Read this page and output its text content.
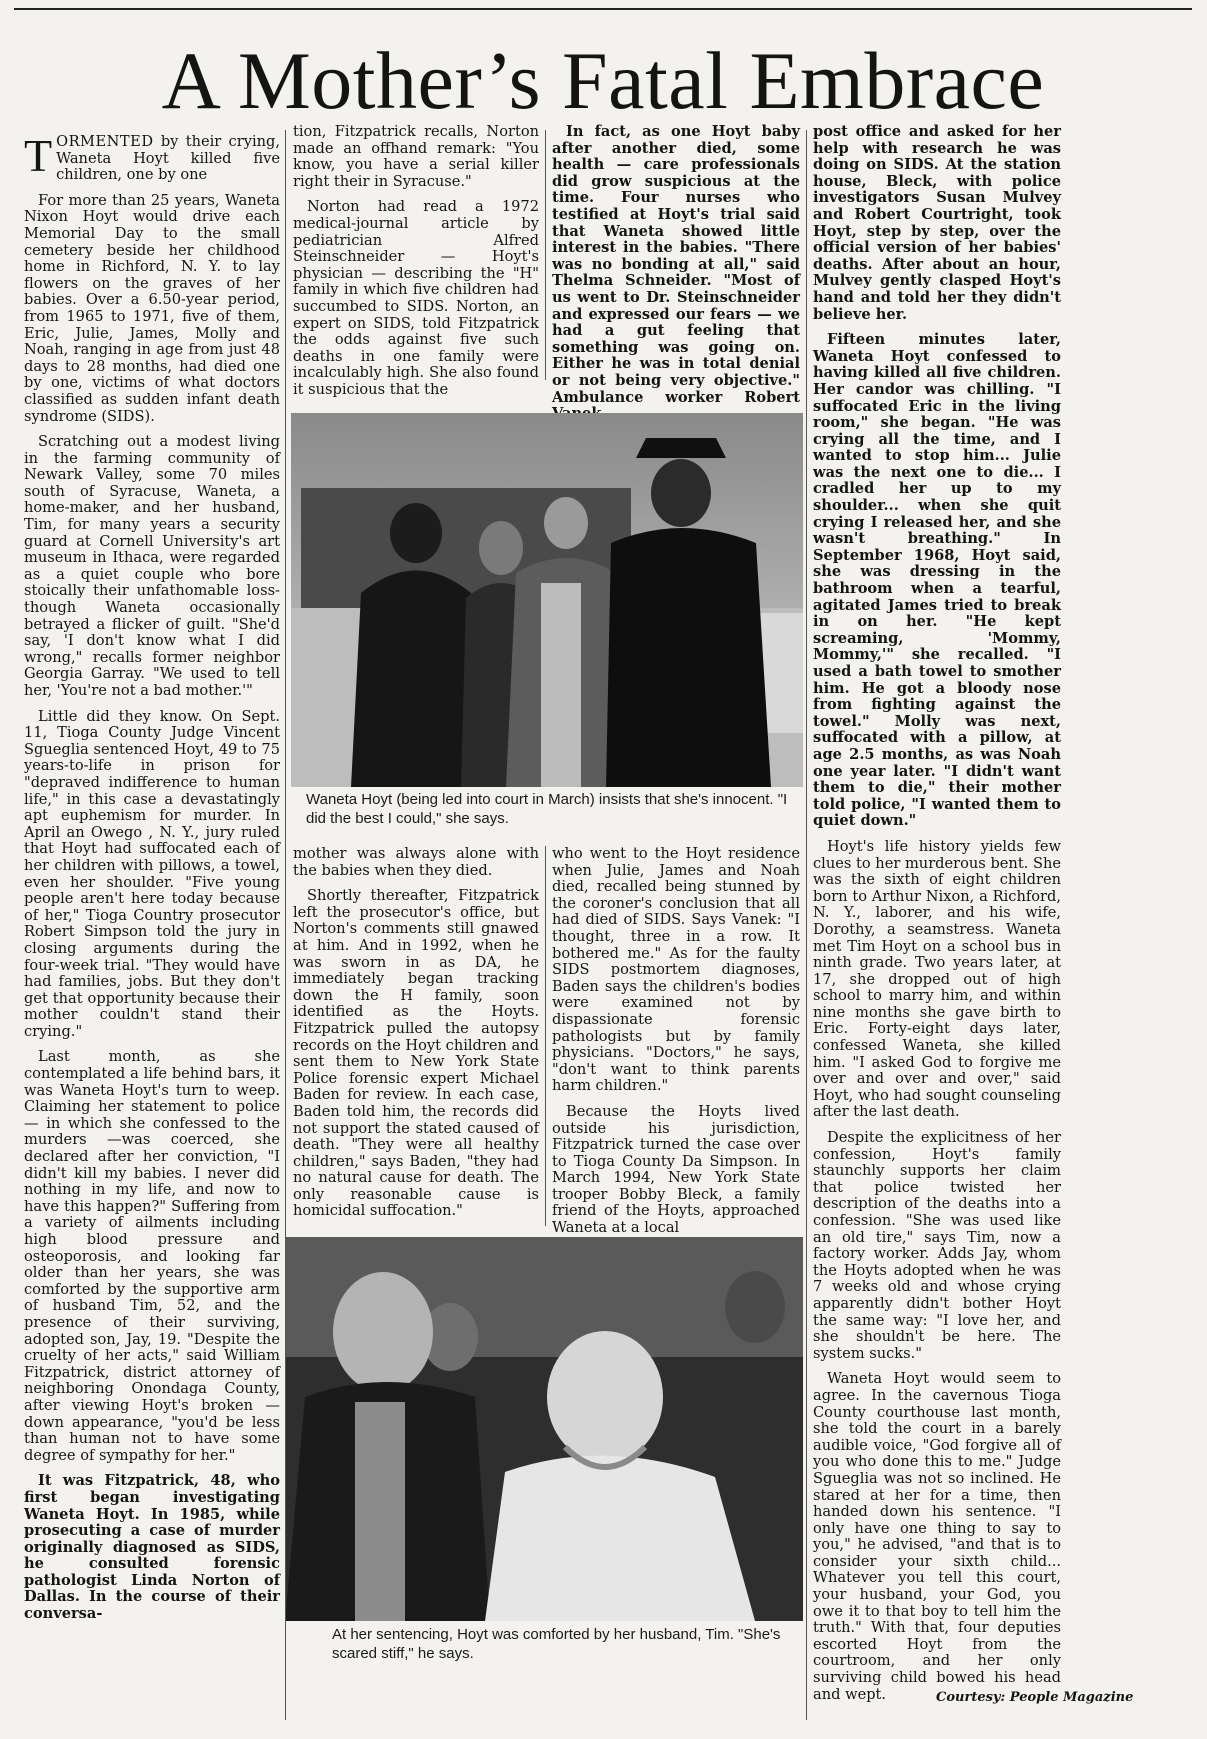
A Mother’s Fatal Embrace

TORMENTED by their crying, Waneta Hoyt killed five children, one by one

For more than 25 years, Waneta Nixon Hoyt would drive each Memorial Day to the small cemetery beside her childhood home in Richford, N. Y. to lay flowers on the graves of her babies. Over a 6.50-year period, from 1965 to 1971, five of them, Eric, Julie, James, Molly and Noah, ranging in age from just 48 days to 28 months, had died one by one, victims of what doctors classified as sudden infant death syndrome (SIDS).

Scratching out a modest living in the farming community of Newark Valley, some 70 miles south of Syracuse, Waneta, a home-maker, and her husband, Tim, for many years a security guard at Cornell University's art museum in Ithaca, were regarded as a quiet couple who bore stoically their unfathomable loss-though Waneta occasionally betrayed a flicker of guilt. "She'd say, 'I don't know what I did wrong," recalls former neighbor Georgia Garray. "We used to tell her, 'You're not a bad mother.'"

Little did they know. On Sept. 11, Tioga County Judge Vincent Sgueglia sentenced Hoyt, 49 to 75 years-to-life in prison for "depraved indifference to human life," in this case a devastatingly apt euphemism for murder. In April an Owego , N. Y., jury ruled that Hoyt had suffocated each of her children with pillows, a towel, even her shoulder. "Five young people aren't here today because of her," Tioga Country prosecutor Robert Simpson told the jury in closing arguments during the four-week trial. "They would have had families, jobs. But they don't get that opportunity because their mother couldn't stand their crying."

Last month, as she contemplated a life behind bars, it was Waneta Hoyt's turn to weep. Claiming her statement to police — in which she confessed to the murders —was coerced, she declared after her conviction, "I didn't kill my babies. I never did nothing in my life, and now to have this happen?" Suffering from a variety of ailments including high blood pressure and osteoporosis, and looking far older than her years, she was comforted by the supportive arm of husband Tim, 52, and the presence of their surviving, adopted son, Jay, 19. "Despite the cruelty of her acts," said William Fitzpatrick, district attorney of neighboring Onondaga County, after viewing Hoyt's broken — down appearance, "you'd be less than human not to have some degree of sympathy for her."

It was Fitzpatrick, 48, who first began investigating Waneta Hoyt. In 1985, while prosecuting a case of murder originally diagnosed as SIDS, he consulted forensic pathologist Linda Norton of Dallas. In the course of their conversa-

tion, Fitzpatrick recalls, Norton made an offhand remark: "You know, you have a serial killer right their in Syracuse."

Norton had read a 1972 medical-journal article by pediatrician Alfred Steinschneider — Hoyt's physician — describing the "H" family in which five children had succumbed to SIDS. Norton, an expert on SIDS, told Fitzpatrick the odds against five such deaths in one family were incalculably high. She also found it suspicious that the

In fact, as one Hoyt baby after another died, some health — care professionals did grow suspicious at the time. Four nurses who testified at Hoyt's trial said that Waneta showed little interest in the babies. "There was no bonding at all," said Thelma Schneider. "Most of us went to Dr. Steinschneider and expressed our fears — we had a gut feeling that something was going on. Either he was in total denial or not being very objective." Ambulance worker Robert

Waneta Hoyt (being led into court in March) insists that she's innocent. "I did the best I could," she says.

mother was always alone with the babies when they died.

Shortly thereafter, Fitzpatrick left the prosecutor's office, but Norton's comments still gnawed at him. And in 1992, when he was sworn in as DA, he immediately began tracking down the H family, soon identified as the Hoyts. Fitzpatrick pulled the autopsy records on the Hoyt children and sent them to New York State Police forensic expert Michael Baden for review. In each case, Baden told him, the records did not support the stated caused of death. "They were all healthy children," says Baden, "they had no natural cause for death. The only reasonable cause is homicidal suffocation."

who went to the Hoyt residence when Julie, James and Noah died, recalled being stunned by the coroner's conclusion that all had died of SIDS. Says Vanek: "I thought, three in a row. It bothered me." As for the faulty SIDS postmortem diagnoses, Baden says the children's bodies were examined not by dispassionate forensic pathologists but by family physicians. "Doctors," he says, "don't want to think parents harm children."

Because the Hoyts lived outside his jurisdiction, Fitzpatrick turned the case over to Tioga County Da Simpson. In March 1994, New York State trooper Bobby Bleck, a family friend of the Hoyts, approached Waneta at a local

At her sentencing, Hoyt was comforted by her husband, Tim. "She's scared stiff," he says.

post office and asked for her help with research he was doing on SIDS. At the station house, Bleck, with police investigators Susan Mulvey and Robert Courtright, took Hoyt, step by step, over the official version of her babies' deaths. After about an hour, Mulvey gently clasped Hoyt's hand and told her they didn't believe her.

Fifteen minutes later, Waneta Hoyt confessed to having killed all five children. Her candor was chilling. "I suffocated Eric in the living room," she began. "He was crying all the time, and I wanted to stop him... Julie was the next one to die... I cradled her up to my shoulder... when she quit crying I released her, and she wasn't breathing." In September 1968, Hoyt said, she was dressing in the bathroom when a tearful, agitated James tried to break in on her. "He kept screaming, 'Mommy, Mommy,'" she recalled. "I used a bath towel to smother him. He got a bloody nose from fighting against the towel." Molly was next, suffocated with a pillow, at age 2.5 months, as was Noah one year later. "I didn't want them to die," their mother told police, "I wanted them to quiet down."

Hoyt's life history yields few clues to her murderous bent. She was the sixth of eight children born to Arthur Nixon, a Richford, N. Y., laborer, and his wife, Dorothy, a seamstress. Waneta met Tim Hoyt on a school bus in ninth grade. Two years later, at 17, she dropped out of high school to marry him, and within nine months she gave birth to Eric. Forty-eight days later, confessed Waneta, she killed him. "I asked God to forgive me over and over and over," said Hoyt, who had sought counseling after the last death.

Despite the explicitness of her confession, Hoyt's family staunchly supports her claim that police twisted her description of the deaths into a confession. "She was used like an old tire," says Tim, now a factory worker. Adds Jay, whom the Hoyts adopted when he was 7 weeks old and whose crying apparently didn't bother Hoyt the same way: "I love her, and she shouldn't be here. The system sucks."

Waneta Hoyt would seem to agree. In the cavernous Tioga County courthouse last month, she told the court in a barely audible voice, "God forgive all of you who done this to me." Judge Sgueglia was not so inclined. He stared at her for a time, then handed down his sentence. "I only have one thing to say to you," he advised, "and that is to consider your sixth child... Whatever you tell this court, your husband, your God, you owe it to that boy to tell him the truth." With that, four deputies escorted Hoyt from the courtroom, and her only surviving child bowed his head and wept.	Courtesy: People Magazine
